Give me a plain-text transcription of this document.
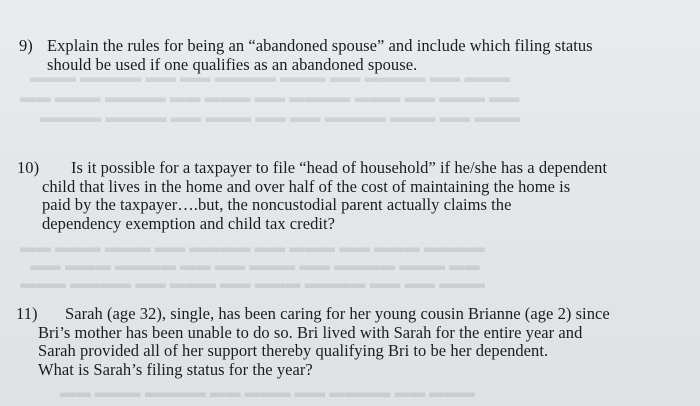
▬▬▬ ▬▬ ▬▬▬▬ ▬▬ ▬▬▬ ▬▬▬▬ ▬▬ ▬▬ ▬▬▬▬ ▬▬▬
▬▬ ▬▬▬ ▬▬ ▬▬▬ ▬▬▬▬ ▬▬ ▬▬▬ ▬▬ ▬▬▬▬ ▬▬▬ ▬▬
▬▬▬ ▬▬ ▬▬▬ ▬▬▬▬ ▬▬ ▬▬ ▬▬▬ ▬▬ ▬▬▬▬ ▬▬▬▬
▬▬▬▬ ▬▬▬ ▬▬ ▬▬▬ ▬▬ ▬▬▬▬ ▬▬ ▬▬▬ ▬▬▬ ▬▬
▬▬ ▬▬▬ ▬▬▬▬ ▬▬ ▬▬▬ ▬▬ ▬▬ ▬▬▬▬ ▬▬▬ ▬▬
▬▬▬ ▬▬ ▬▬ ▬▬▬▬ ▬▬▬ ▬▬ ▬▬▬ ▬▬ ▬▬▬▬ ▬▬▬
▬▬▬ ▬▬ ▬▬▬▬ ▬▬ ▬▬▬ ▬▬ ▬▬▬▬ ▬▬▬ ▬▬
9) Explain the rules for being an “abandoned spouse” and include which filing status
should be used if one qualifies as an abandoned spouse.
10)	Is it possible for a taxpayer to file “head of household” if he/she has a dependent
child that lives in the home and over half of the cost of maintaining the home is
paid by the taxpayer….but, the noncustodial parent actually claims the
dependency exemption and child tax credit?
11)	Sarah (age 32), single, has been caring for her young cousin Brianne (age 2) since
Bri’s mother has been unable to do so. Bri lived with Sarah for the entire year and
Sarah provided all of her support thereby qualifying Bri to be her dependent.
What is Sarah’s filing status for the year?
